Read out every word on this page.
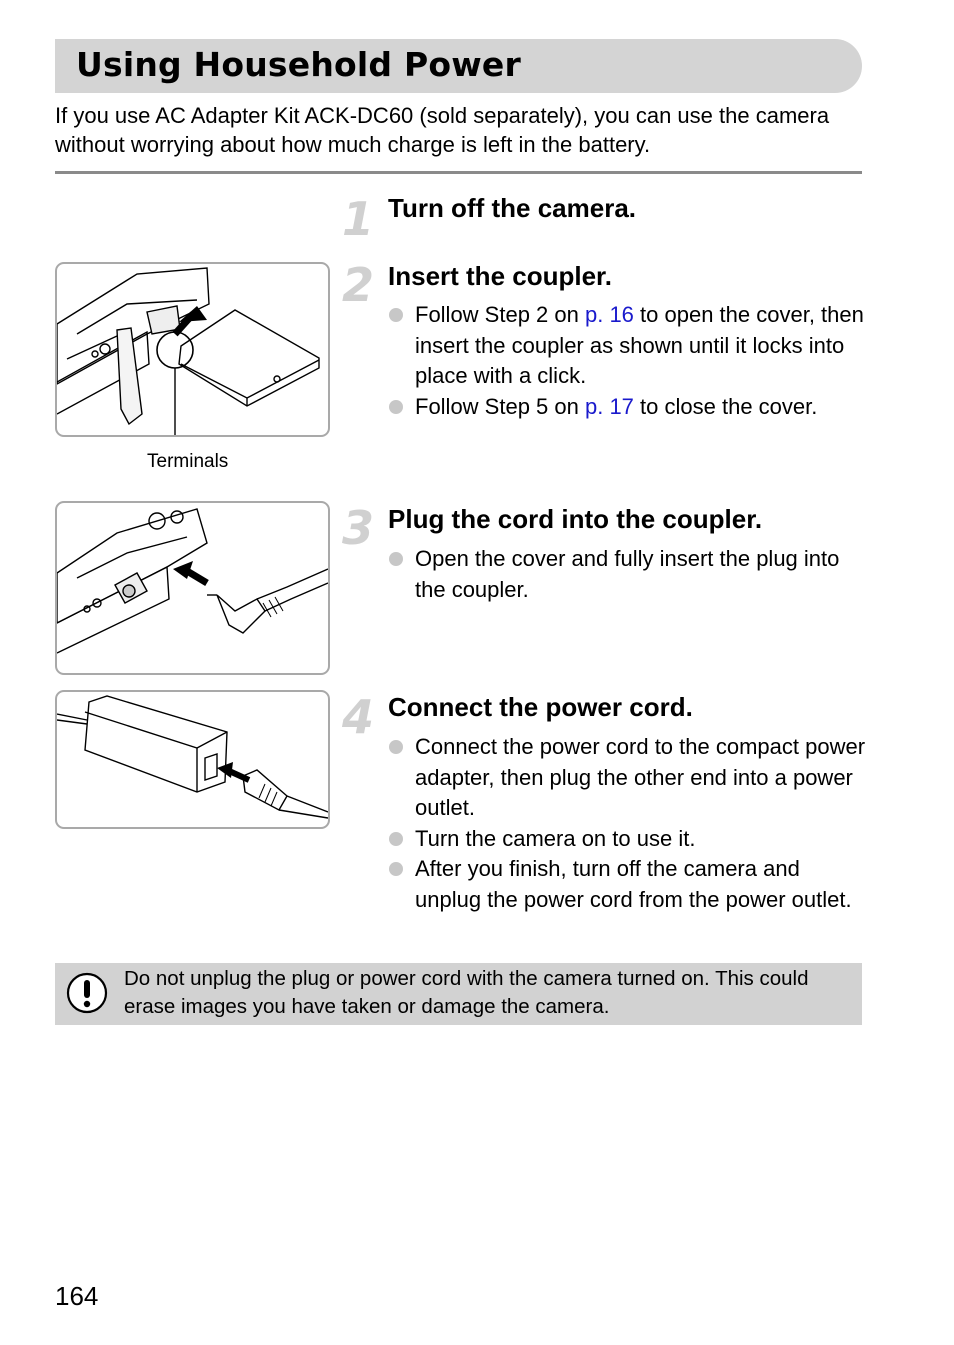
Using Household Power
If you use AC Adapter Kit ACK-DC60 (sold separately), you can use the camera without worrying about how much charge is left in the battery.
1 Turn off the camera.
2 Insert the coupler.
Follow Step 2 on p. 16 to open the cover, then insert the coupler as shown until it locks into place with a click.
Follow Step 5 on p. 17 to close the cover.
Terminals
3 Plug the cord into the coupler.
Open the cover and fully insert the plug into the coupler.
4 Connect the power cord.
Connect the power cord to the compact power adapter, then plug the other end into a power outlet.
Turn the camera on to use it.
After you finish, turn off the camera and unplug the power cord from the power outlet.

Do not unplug the plug or power cord with the camera turned on. This could erase images you have taken or damage the camera.

164
